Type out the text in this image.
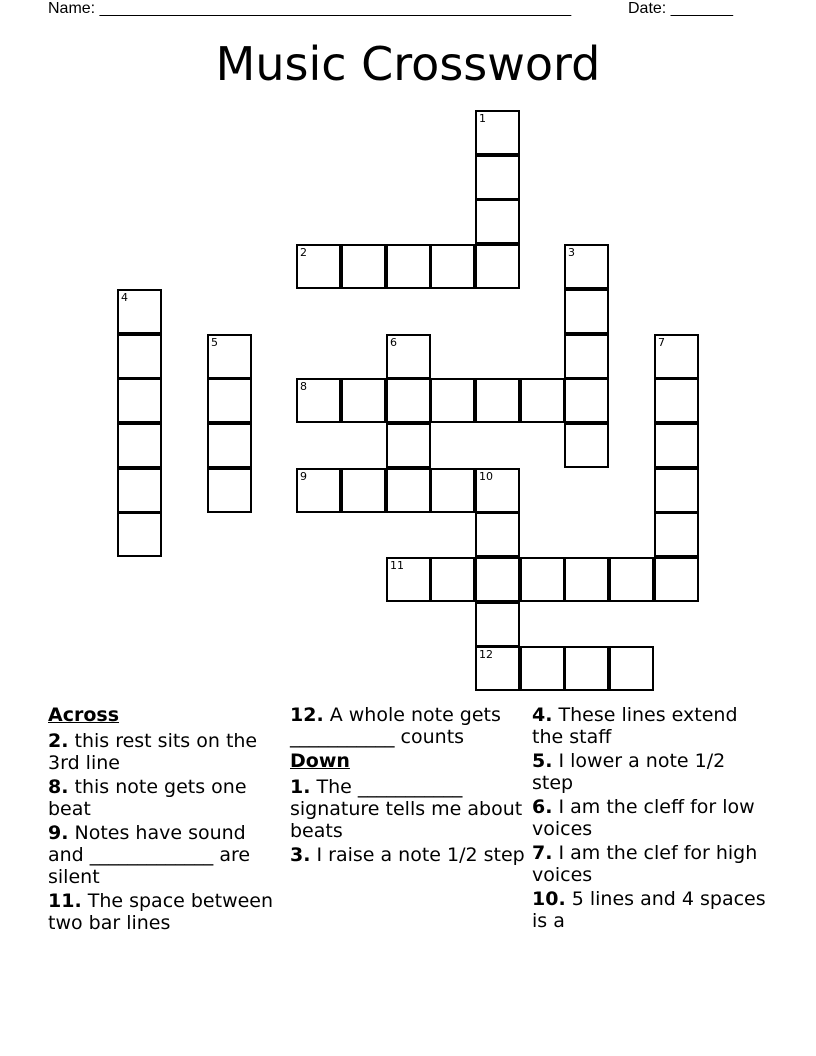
Name: _____________________________________________________	Date: _______
Music Crossword
1
2	3
4
5	6	7
8
9	10
11
12
Across
2. this rest sits on the 3rd line
8. this note gets one beat
9. Notes have sound and _____________ are silent
11. The space between two bar lines
12. A whole note gets ___________ counts
Down
1. The ___________ signature tells me about beats
3. I raise a note 1/2 step
4. These lines extend the staff
5. I lower a note 1/2 step
6. I am the cleff for low voices
7. I am the clef for high voices
10. 5 lines and 4 spaces is a
